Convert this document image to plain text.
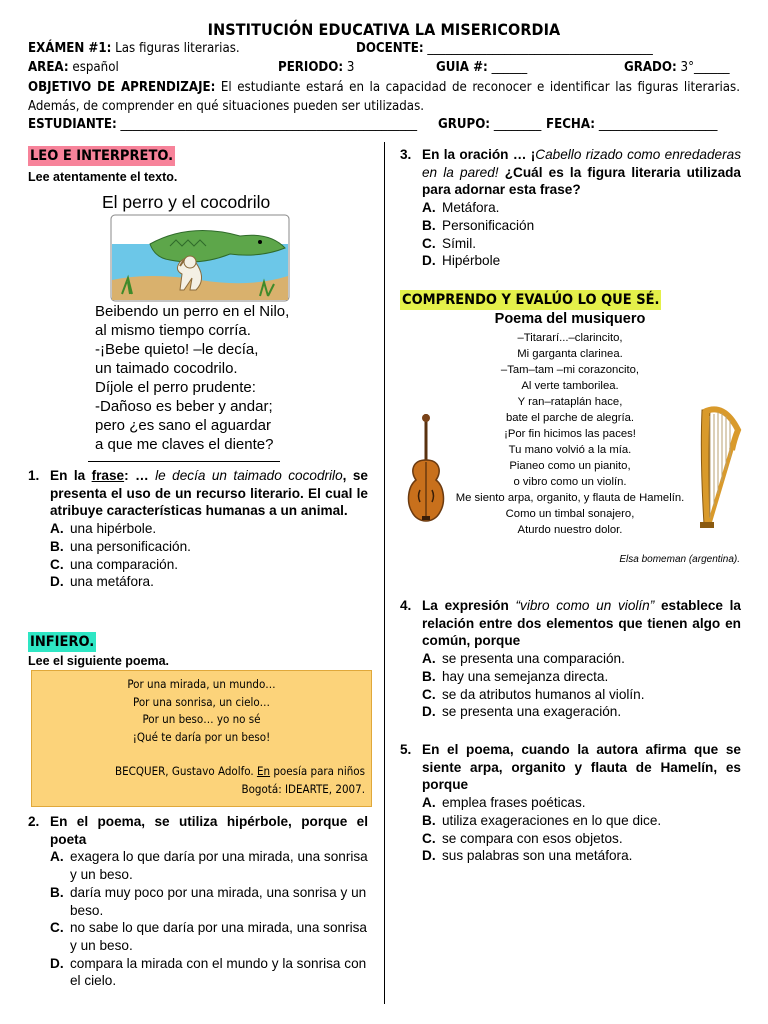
INSTITUCIÓN EDUCATIVA LA MISERICORDIA
EXÁMEN #1: Las figuras literarias.	DOCENTE: ______________________________________
AREA: español	PERIODO: 3	GUIA #: ______	GRADO: 3°______
OBJETIVO DE APRENDIZAJE: El estudiante estará en la capacidad de reconocer e identificar las figuras literarias. Además, de comprender en qué situaciones pueden ser utilizadas.
ESTUDIANTE: __________________________________________________ GRUPO: ________ FECHA: ____________________
LEO E INTERPRETO.
Lee atentamente el texto.
El perro y el cocodrilo
Beibendo un perro en el Nilo,
al mismo tiempo corría.
-¡Bebe quieto! –le decía,
un taimado cocodrilo.
Díjole el perro prudente:
-Dañoso es beber y andar;
pero ¿es sano el aguardar
a que me claves el diente?
1. En la frase: … le decía un taimado cocodrilo, se presenta el uso de un recurso literario. El cual le atribuye características humanas a un animal.
A. una hipérbole.
B. una personificación.
C. una comparación.
D. una metáfora.
INFIERO.
Lee el siguiente poema.
Por una mirada, un mundo…
Por una sonrisa, un cielo…
Por un beso… yo no sé
¡Qué te daría por un beso!
BECQUER, Gustavo Adolfo. En poesía para niños
Bogotá: IDEARTE, 2007.
2. En el poema, se utiliza hipérbole, porque el poeta
A. exagera lo que daría por una mirada, una sonrisa y un beso.
B. daría muy poco por una mirada, una sonrisa y un beso.
C. no sabe lo que daría por una mirada, una sonrisa y un beso.
D. compara la mirada con el mundo y la sonrisa con el cielo.
3. En la oración … ¡Cabello rizado como enredaderas en la pared! ¿Cuál es la figura literaria utilizada para adornar esta frase?
A. Metáfora.
B. Personificación
C. Símil.
D. Hipérbole
COMPRENDO Y EVALÚO LO QUE SÉ.
Poema del musiquero
–Titararí...–clarincito,
Mi garganta clarinea.
–Tam–tam –mi corazoncito,
Al verte tamborilea.
Y ran–rataplán hace,
bate el parche de alegría.
¡Por fin hicimos las paces!
Tu mano volvió a la mía.
Pianeo como un pianito,
o vibro como un violín.
Me siento arpa, organito, y flauta de Hamelín.
Como un timbal sonajero,
Aturdo nuestro dolor.
Elsa bomeman (argentina).
4. La expresión “vibro como un violín” establece la relación entre dos elementos que tienen algo en común, porque
A. se presenta una comparación.
B. hay una semejanza directa.
C. se da atributos humanos al violín.
D. se presenta una exageración.
5. En el poema, cuando la autora afirma que se siente arpa, organito y flauta de Hamelín, es porque
A. emplea frases poéticas.
B. utiliza exageraciones en lo que dice.
C. se compara con esos objetos.
D. sus palabras son una metáfora.
